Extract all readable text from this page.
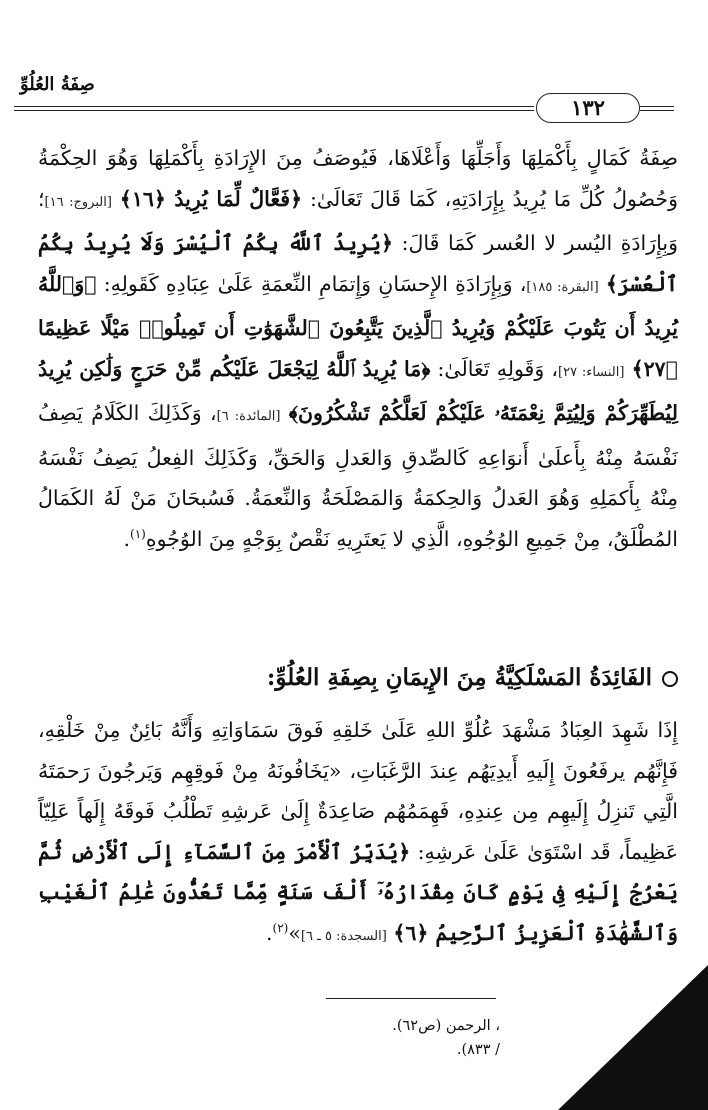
صِفَةُ العُلُوِّ
١٣٢

صِفَةُ كَمَالٍ بِأَكْمَلِهَا وَأَجَلِّهَا وَأَعْلَاهَا، فَيُوصَفُ مِنَ الإِرَادَةِ بِأَكْمَلِهَا وَهُوَ الحِكْمَةُ وَحُصُولُ كُلِّ مَا يُرِيدُ بِإِرَادَتِهِ، كَمَا قَالَ تَعَالَىٰ: ﴿فَعَّالٌ لِّمَا يُرِيدُ ﴿١٦﴾ [البروج: ١٦]؛ وَبِإِرَادَةِ اليُسر لا العُسر كَمَا قَالَ: ﴿يُرِيدُ ٱللَّهُ بِكُمُ ٱلْيُسْرَ وَلَا يُرِيدُ بِكُمُ ٱلْعُسْرَ﴾ [البقرة: ١٨٥]، وَبِإِرَادَةِ الإِحسَانِ وَإِتمَامِ النِّعمَةِ عَلَىٰ عِبَادِهِ كَقَولِهِ: ﴿وَٱللَّهُ يُرِيدُ أَن يَتُوبَ عَلَيْكُمْ وَيُرِيدُ ٱلَّذِينَ يَتَّبِعُونَ ٱلشَّهَوَٰتِ أَن تَمِيلُوا۟ مَيْلًا عَظِيمًا ﴿٢٧﴾ [النساء: ٢٧]، وَقَولِهِ تَعَالَىٰ: ﴿مَا يُرِيدُ ٱللَّهُ لِيَجْعَلَ عَلَيْكُم مِّنْ حَرَجٍ وَلَٰكِن يُرِيدُ لِيُطَهِّرَكُمْ وَلِيُتِمَّ نِعْمَتَهُۥ عَلَيْكُمْ لَعَلَّكُمْ تَشْكُرُونَ﴾ [المائدة: ٦]، وَكَذَلِكَ الكَلَامُ يَصِفُ نَفْسَهُ مِنْهُ بِأَعلَىٰ أَنوَاعِهِ كَالصِّدقِ وَالعَدلِ وَالحَقِّ، وَكَذَلِكَ الفِعلُ يَصِفُ نَفْسَهُ مِنْهُ بِأَكمَلِهِ وَهُوَ العَدلُ وَالحِكمَةُ وَالمَصْلَحَةُ وَالنِّعمَةُ. فَسُبحَانَ مَنْ لَهُ الكَمَالُ المُطْلَقُ، مِنْ جَمِيعِ الوُجُوهِ، الَّذِي لا يَعتَرِيهِ نَقْصٌ بِوَجْهٍ مِنَ الوُجُوهِ$^{(١)}$.

الفَائِدَةُ المَسْلَكِيَّةُ مِنَ الإِيمَانِ بِصِفَةِ العُلُوِّ:

إِذَا شَهِدَ العِبَادُ مَشْهَدَ عُلُوِّ اللهِ عَلَىٰ خَلقِهِ فَوقَ سَمَاوَاتِهِ وَأَنَّهُ بَائِنٌ مِنْ خَلْقِهِ، فَإِنَّهُم يرفَعُونَ إِلَيهِ أَيدِيَهُم عِندَ الرَّغَبَاتِ، «يَخَافُونَهُ مِنْ فَوقِهِم وَيَرجُونَ رَحمَتَهُ الَّتِي تَنزِلُ إِلَيهِم مِن عِندِهِ، فَهِمَمُهُم صَاعِدَةٌ إِلَىٰ عَرشِهِ تَطْلُبُ فَوقَهُ إِلَهاً عَلِيّاً عَظِيماً، قَد اسْتَوَىٰ عَلَىٰ عَرشِهِ: ﴿يُدَبِّرُ ٱلْأَمْرَ مِنَ ٱلسَّمَآءِ إِلَى ٱلْأَرْضِ ثُمَّ يَعْرُجُ إِلَيْهِ فِى يَوْمٍ كَانَ مِقْدَارُهُۥٓ أَلْفَ سَنَةٍ مِّمَّا تَعُدُّونَ عَٰلِمُ ٱلْغَيْبِ وَٱلشَّهَٰدَةِ ٱلْعَزِيزُ ٱلرَّحِيمُ ﴿٦﴾ [السجدة: ٥ ـ ٦]»$^{(٢)}$.

، الرحمن (ص٦٢).

/ ٨٣٣).
